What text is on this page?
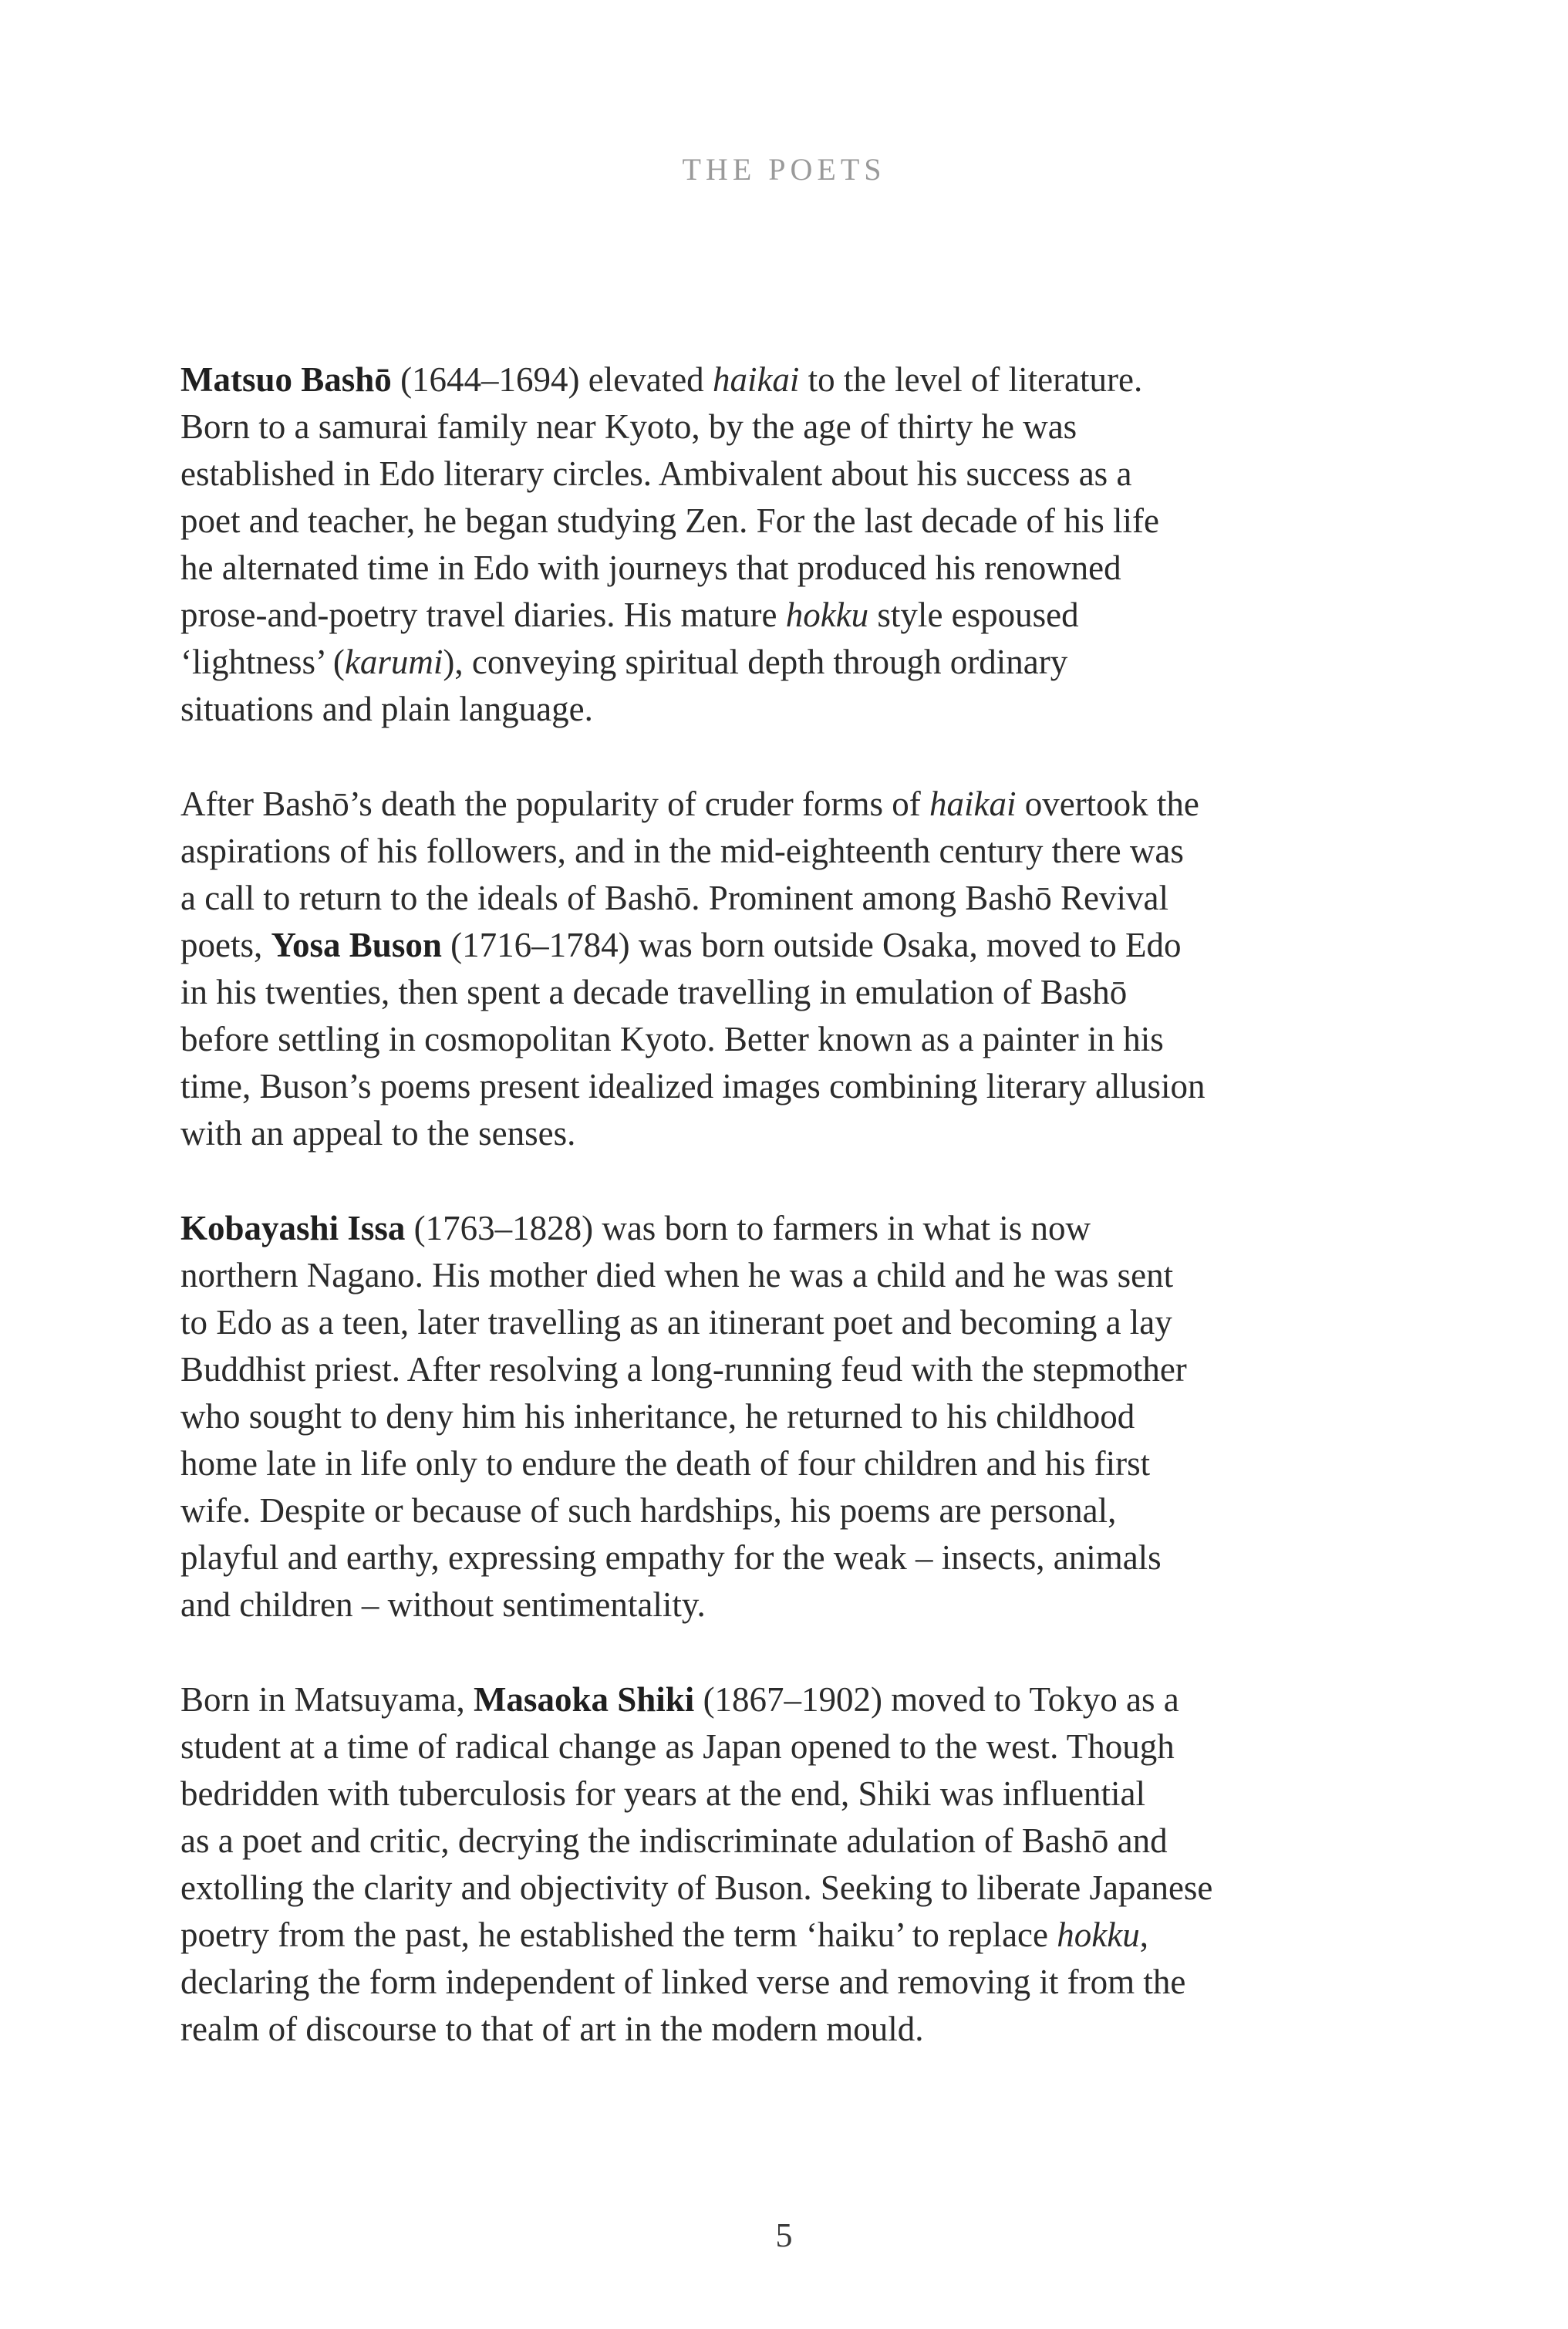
THE POETS
Matsuo Bashō (1644–1694) elevated haikai to the level of literature.
Born to a samurai family near Kyoto, by the age of thirty he was
established in Edo literary circles. Ambivalent about his success as a
poet and teacher, he began studying Zen. For the last decade of his life
he alternated time in Edo with journeys that produced his renowned
prose-and-poetry travel diaries. His mature hokku style espoused
‘lightness’ (karumi), conveying spiritual depth through ordinary
situations and plain language.
After Bashō’s death the popularity of cruder forms of haikai overtook the
aspirations of his followers, and in the mid-eighteenth century there was
a call to return to the ideals of Bashō. Prominent among Bashō Revival
poets, Yosa Buson (1716–1784) was born outside Osaka, moved to Edo
in his twenties, then spent a decade travelling in emulation of Bashō
before settling in cosmopolitan Kyoto. Better known as a painter in his
time, Buson’s poems present idealized images combining literary allusion
with an appeal to the senses.
Kobayashi Issa (1763–1828) was born to farmers in what is now
northern Nagano. His mother died when he was a child and he was sent
to Edo as a teen, later travelling as an itinerant poet and becoming a lay
Buddhist priest. After resolving a long-running feud with the stepmother
who sought to deny him his inheritance, he returned to his childhood
home late in life only to endure the death of four children and his first
wife. Despite or because of such hardships, his poems are personal,
playful and earthy, expressing empathy for the weak – insects, animals
and children – without sentimentality.
Born in Matsuyama, Masaoka Shiki (1867–1902) moved to Tokyo as a
student at a time of radical change as Japan opened to the west. Though
bedridden with tuberculosis for years at the end, Shiki was influential
as a poet and critic, decrying the indiscriminate adulation of Bashō and
extolling the clarity and objectivity of Buson. Seeking to liberate Japanese
poetry from the past, he established the term ‘haiku’ to replace hokku,
declaring the form independent of linked verse and removing it from the
realm of discourse to that of art in the modern mould.
5
